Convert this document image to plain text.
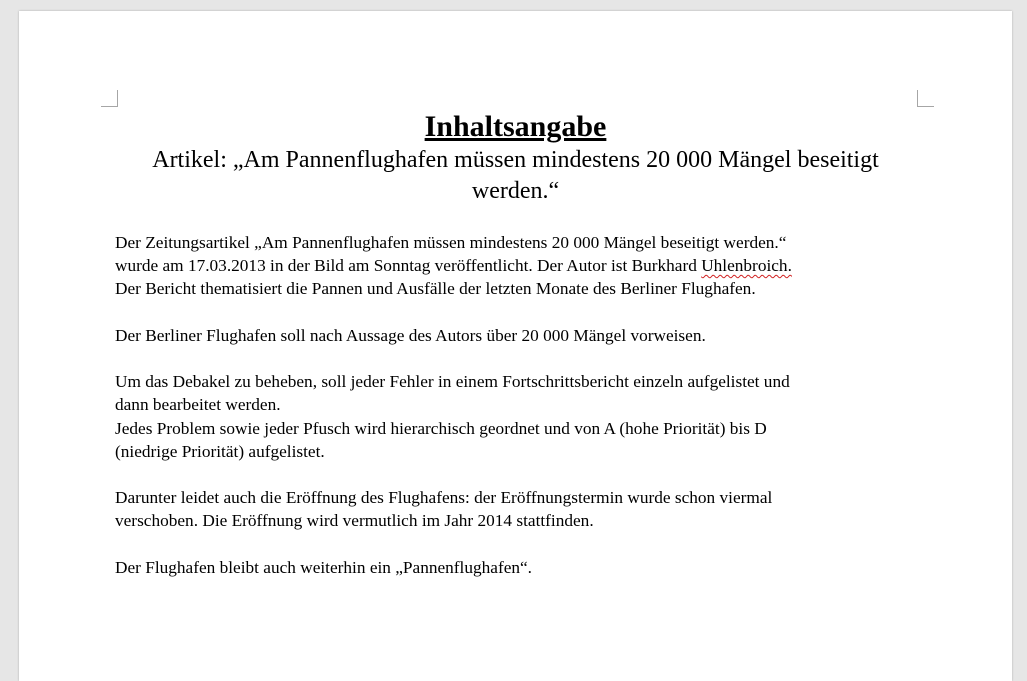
Inhaltsangabe

Artikel: „Am Pannenflughafen müssen mindestens 20 000 Mängel beseitigt werden.“

Der Zeitungsartikel „Am Pannenflughafen müssen mindestens 20 000 Mängel beseitigt werden.“
wurde am 17.03.2013 in der Bild am Sonntag veröffentlicht. Der Autor ist Burkhard Uhlenbroich.
Der Bericht thematisiert die Pannen und Ausfälle der letzten Monate des Berliner Flughafen.

Der Berliner Flughafen soll nach Aussage des Autors über 20 000 Mängel vorweisen.

Um das Debakel zu beheben, soll jeder Fehler in einem Fortschrittsbericht einzeln aufgelistet und
dann bearbeitet werden.
Jedes Problem sowie jeder Pfusch wird hierarchisch geordnet und von A (hohe Priorität) bis D
(niedrige Priorität) aufgelistet.

Darunter leidet auch die Eröffnung des Flughafens: der Eröffnungstermin wurde schon viermal
verschoben. Die Eröffnung wird vermutlich im Jahr 2014 stattfinden.

Der Flughafen bleibt auch weiterhin ein „Pannenflughafen“.
